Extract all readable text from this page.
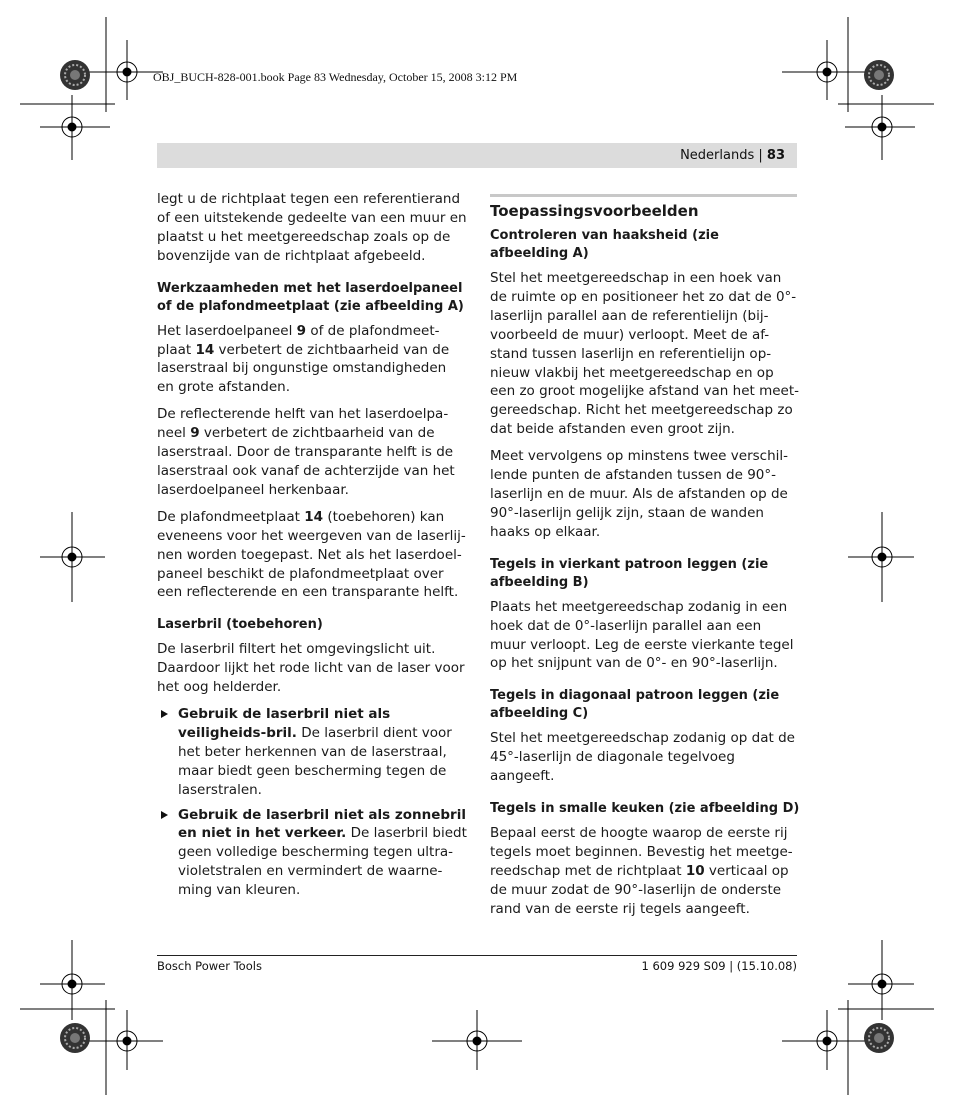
OBJ_BUCH-828-001.book Page 83 Wednesday, October 15, 2008 3:12 PM
Nederlands | 83

legt u de richtplaat tegen een referentierand of een uitstekende gedeelte van een muur en plaatst u het meetgereedschap zoals op de bovenzijde van de richtplaat afgebeeld.

Werkzaamheden met het laserdoelpaneel of de plafondmeetplaat (zie afbeelding A)

Het laserdoelpaneel 9 of de plafondmeet-plaat 14 verbetert de zichtbaarheid van de laserstraal bij ongunstige omstandigheden en grote afstanden.

De reflecterende helft van het laserdoelpa-neel 9 verbetert de zichtbaarheid van de laserstraal. Door de transparante helft is de laserstraal ook vanaf de achterzijde van het laserdoelpaneel herkenbaar.

De plafondmeetplaat 14 (toebehoren) kan eveneens voor het weergeven van de laserlij-nen worden toegepast. Net als het laserdoel-paneel beschikt de plafondmeetplaat over een reflecterende en een transparante helft.

Laserbril (toebehoren)

De laserbril filtert het omgevingslicht uit. Daardoor lijkt het rode licht van de laser voor het oog helderder.

Gebruik de laserbril niet als veiligheids-bril. De laserbril dient voor het beter herkennen van de laserstraal, maar biedt geen bescherming tegen de laserstralen.
Gebruik de laserbril niet als zonnebril en niet in het verkeer. De laserbril biedt geen volledige bescherming tegen ultra-violetstralen en vermindert de waarne-ming van kleuren.
Toepassingsvoorbeelden
Controleren van haaksheid (zie afbeelding A)

Stel het meetgereedschap in een hoek van de ruimte op en positioneer het zo dat de 0°-laserlijn parallel aan de referentielijn (bij-voorbeeld de muur) verloopt. Meet de af-stand tussen laserlijn en referentielijn op-nieuw vlakbij het meetgereedschap en op een zo groot mogelijke afstand van het meet-gereedschap. Richt het meetgereedschap zo dat beide afstanden even groot zijn.

Meet vervolgens op minstens twee verschil-lende punten de afstanden tussen de 90°-laserlijn en de muur. Als de afstanden op de 90°-laserlijn gelijk zijn, staan de wanden haaks op elkaar.

Tegels in vierkant patroon leggen (zie afbeelding B)

Plaats het meetgereedschap zodanig in een hoek dat de 0°-laserlijn parallel aan een muur verloopt. Leg de eerste vierkante tegel op het snijpunt van de 0°- en 90°-laserlijn.

Tegels in diagonaal patroon leggen (zie afbeelding C)

Stel het meetgereedschap zodanig op dat de 45°-laserlijn de diagonale tegelvoeg aangeeft.

Tegels in smalle keuken (zie afbeelding D)

Bepaal eerst de hoogte waarop de eerste rij tegels moet beginnen. Bevestig het meetge-reedschap met de richtplaat 10 verticaal op de muur zodat de 90°-laserlijn de onderste rand van de eerste rij tegels aangeeft.

Bosch Power Tools	1 609 929 S09 | (15.10.08)
